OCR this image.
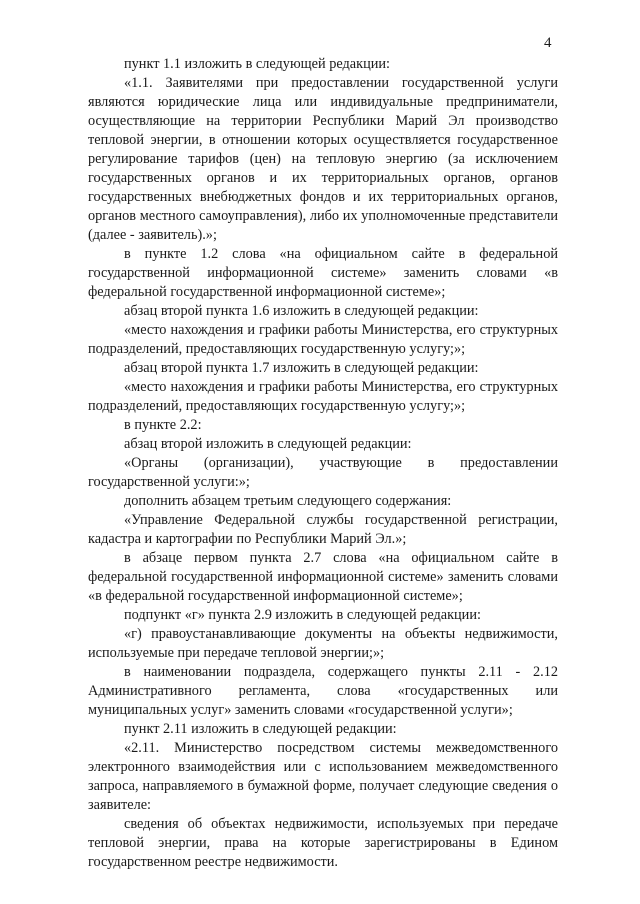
4

пункт 1.1 изложить в следующей редакции:

«1.1. Заявителями при предоставлении государственной услуги являются юридические лица или индивидуальные предприниматели, осуществляющие на территории Республики Марий Эл производство тепловой энергии, в отношении которых осуществляется государственное регулирование тарифов (цен) на тепловую энергию (за исключением государственных органов и их территориальных органов, органов государственных внебюджетных фондов и их территориальных органов, органов местного самоуправления), либо их уполномоченные представители (далее - заявитель).»;

в пункте 1.2 слова «на официальном сайте в федеральной государственной информационной системе» заменить словами «в федеральной государственной информационной системе»;

абзац второй пункта 1.6 изложить в следующей редакции:

«место нахождения и графики работы Министерства, его структурных подразделений, предоставляющих государственную услугу;»;

абзац второй пункта 1.7 изложить в следующей редакции:

«место нахождения и графики работы Министерства, его структурных подразделений, предоставляющих государственную услугу;»;

в пункте 2.2:

абзац второй изложить в следующей редакции:

«Органы (организации), участвующие в предоставлении государственной услуги:»;

дополнить абзацем третьим следующего содержания:

«Управление Федеральной службы государственной регистрации, кадастра и картографии по Республики Марий Эл.»;

в абзаце первом пункта 2.7 слова «на официальном сайте в федеральной государственной информационной системе» заменить словами «в федеральной государственной информационной системе»;

подпункт «г» пункта 2.9 изложить в следующей редакции:

«г) правоустанавливающие документы на объекты недвижимости, используемые при передаче тепловой энергии;»;

в наименовании подраздела, содержащего пункты 2.11 - 2.12 Административного регламента, слова «государственных или муниципальных услуг» заменить словами «государственной услуги»;

пункт 2.11 изложить в следующей редакции:

«2.11. Министерство посредством системы межведомственного электронного взаимодействия или с использованием межведомственного запроса, направляемого в бумажной форме, получает следующие сведения о заявителе:

сведения об объектах недвижимости, используемых при передаче тепловой энергии, права на которые зарегистрированы в Едином государственном реестре недвижимости.
